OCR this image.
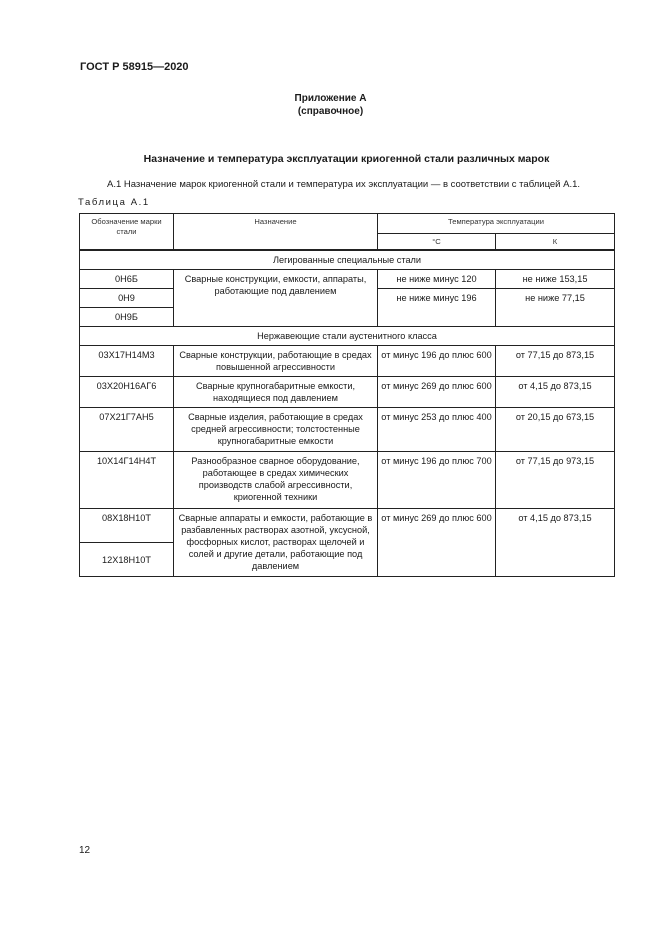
ГОСТ Р 58915—2020
Приложение А
(справочное)
Назначение и температура эксплуатации криогенной стали различных марок
А.1 Назначение марок криогенной стали и температура их эксплуатации — в соответствии с таблицей А.1.
Таблица А.1
Обозначение марки стали	Назначение	Температура эксплуатации	
		°С	К
Легированные специальные стали			
0Н6Б	Сварные конструкции, емкости, аппараты, работающие под давлением	не ниже минус 120	не ниже 153,15
0Н9		не ниже минус 196	не ниже 77,15
0Н9Б			
Нержавеющие стали аустенитного класса			
03Х17Н14М3	Сварные конструкции, работающие в средах повышенной агрессивности	от минус 196 до плюс 600	от 77,15 до 873,15
03Х20Н16АГ6	Сварные крупногабаритные емкости, находящиеся под давлением	от минус 269 до плюс 600	от 4,15 до 873,15
07Х21Г7АН5	Сварные изделия, работающие в средах средней агрессивности; толстостенные крупногабаритные емкости	от минус 253 до плюс 400	от 20,15 до 673,15
10Х14Г14Н4Т	Разнообразное сварное оборудование, работающее в средах химических производств слабой агрессивности, криогенной техники	от минус 196 до плюс 700	от 77,15 до 973,15
08Х18Н10Т	Сварные аппараты и емкости, работающие в разбавленных растворах азотной, уксусной, фосфорных кислот, растворах щелочей и солей и другие детали, работающие под давлением	от минус 269 до плюс 600	от 4,15 до 873,15
12Х18Н10Т			
12
